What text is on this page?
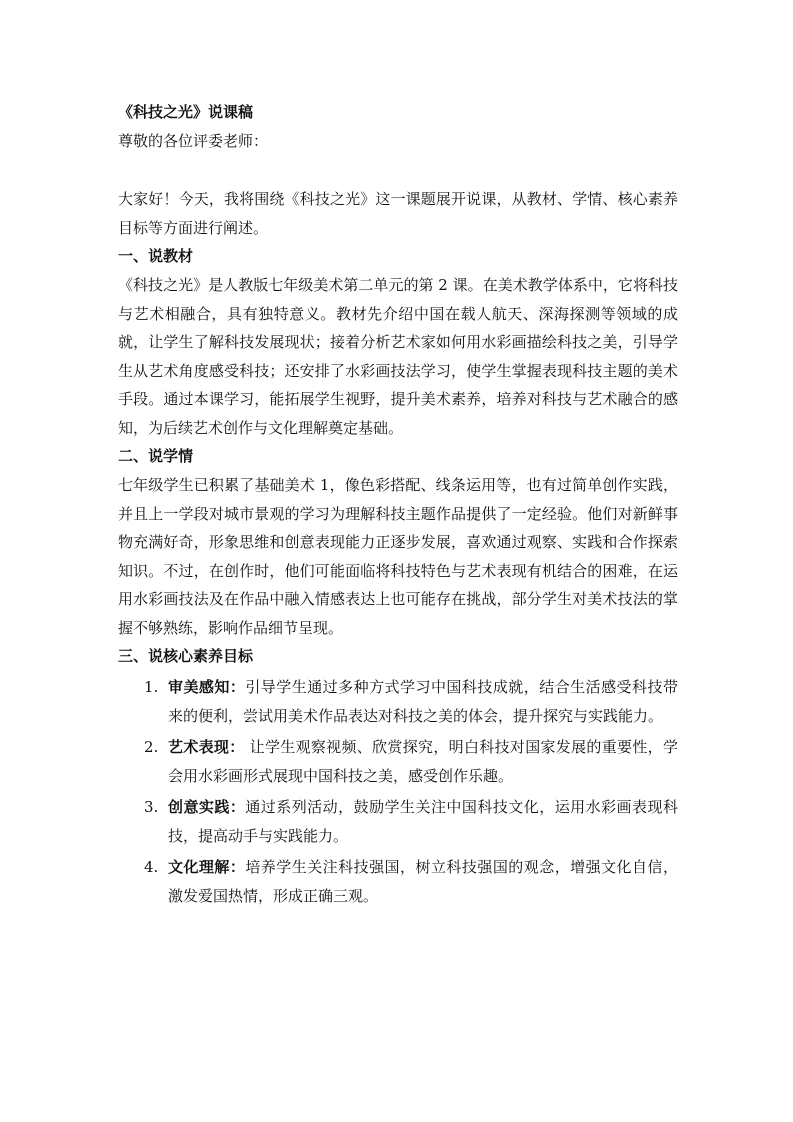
《科技之光》说课稿
尊敬的各位评委老师：

大家好！今天，我将围绕《科技之光》这一课题展开说课，从教材、学情、核心素养目标等方面进行阐述。

一、说教材

《科技之光》是人教版七年级美术第二单元的第 2 课。在美术教学体系中，它将科技与艺术相融合，具有独特意义。教材先介绍中国在载人航天、深海探测等领域的成就，让学生了解科技发展现状；接着分析艺术家如何用水彩画描绘科技之美，引导学生从艺术角度感受科技；还安排了水彩画技法学习，使学生掌握表现科技主题的美术手段。通过本课学习，能拓展学生视野，提升美术素养，培养对科技与艺术融合的感知，为后续艺术创作与文化理解奠定基础。

二、说学情

七年级学生已积累了基础美术 1，像色彩搭配、线条运用等，也有过简单创作实践，并且上一学段对城市景观的学习为理解科技主题作品提供了一定经验。他们对新鲜事物充满好奇，形象思维和创意表现能力正逐步发展，喜欢通过观察、实践和合作探索知识。不过，在创作时，他们可能面临将科技特色与艺术表现有机结合的困难，在运用水彩画技法及在作品中融入情感表达上也可能存在挑战，部分学生对美术技法的掌握不够熟练，影响作品细节呈现。

三、说核心素养目标
1. 审美感知：引导学生通过多种方式学习中国科技成就，结合生活感受科技带来的便利，尝试用美术作品表达对科技之美的体会，提升探究与实践能力。
2. 艺术表现： 让学生观察视频、欣赏探究，明白科技对国家发展的重要性，学会用水彩画形式展现中国科技之美，感受创作乐趣。
3. 创意实践：通过系列活动，鼓励学生关注中国科技文化，运用水彩画表现科技，提高动手与实践能力。
4. 文化理解：培养学生关注科技强国，树立科技强国的观念，增强文化自信，激发爱国热情，形成正确三观。
